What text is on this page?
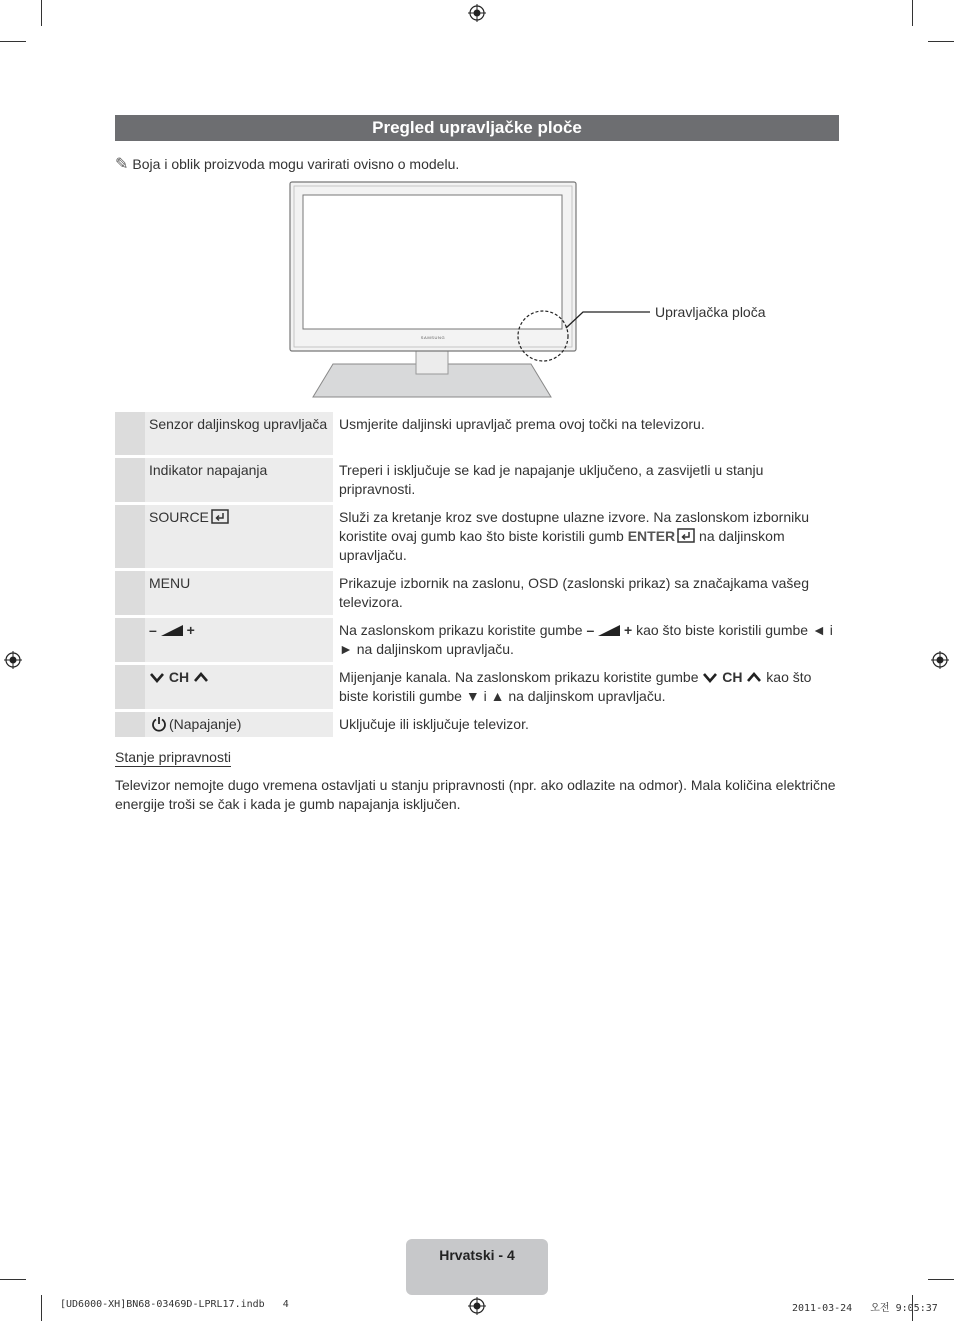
Pregled upravljačke ploče
✎ Boja i oblik proizvoda mogu varirati ovisno o modelu.
SAMSUNG
Upravljačka ploča
	Senzor daljinskog upravljača	Usmjerite daljinski upravljač prema ovoj točki na televizoru.
	Indikator napajanja	Treperi i isključuje se kad je napajanje uključeno, a zasvijetli u stanju pripravnosti.
	SOURCE	Služi za kretanje kroz sve dostupne ulazne izvore. Na zaslonskom izborniku koristite ovaj gumb kao što biste koristili gumb ENTER na daljinskom upravljaču.
	MENU	Prikazuje izbornik na zaslonu, OSD (zaslonski prikaz) sa značajkama vašeg televizora.
	– +	Na zaslonskom prikazu koristite gumbe – + kao što biste koristili gumbe ◄ i ► na daljinskom upravljaču.
	CH	Mijenjanje kanala. Na zaslonskom prikazu koristite gumbe  CH  kao što biste koristili gumbe ▼ i ▲ na daljinskom upravljaču.
	(Napajanje)	Uključuje ili isključuje televizor.
Stanje pripravnosti
Televizor nemojte dugo vremena ostavljati u stanju pripravnosti (npr. ako odlazite na odmor). Mala količina električne energije troši se čak i kada je gumb napajanja isključen.
Hrvatski - 4
[UD6000-XH]BN68-03469D-LPRL17.indb   4	2011-03-24   오전 9:05:37
